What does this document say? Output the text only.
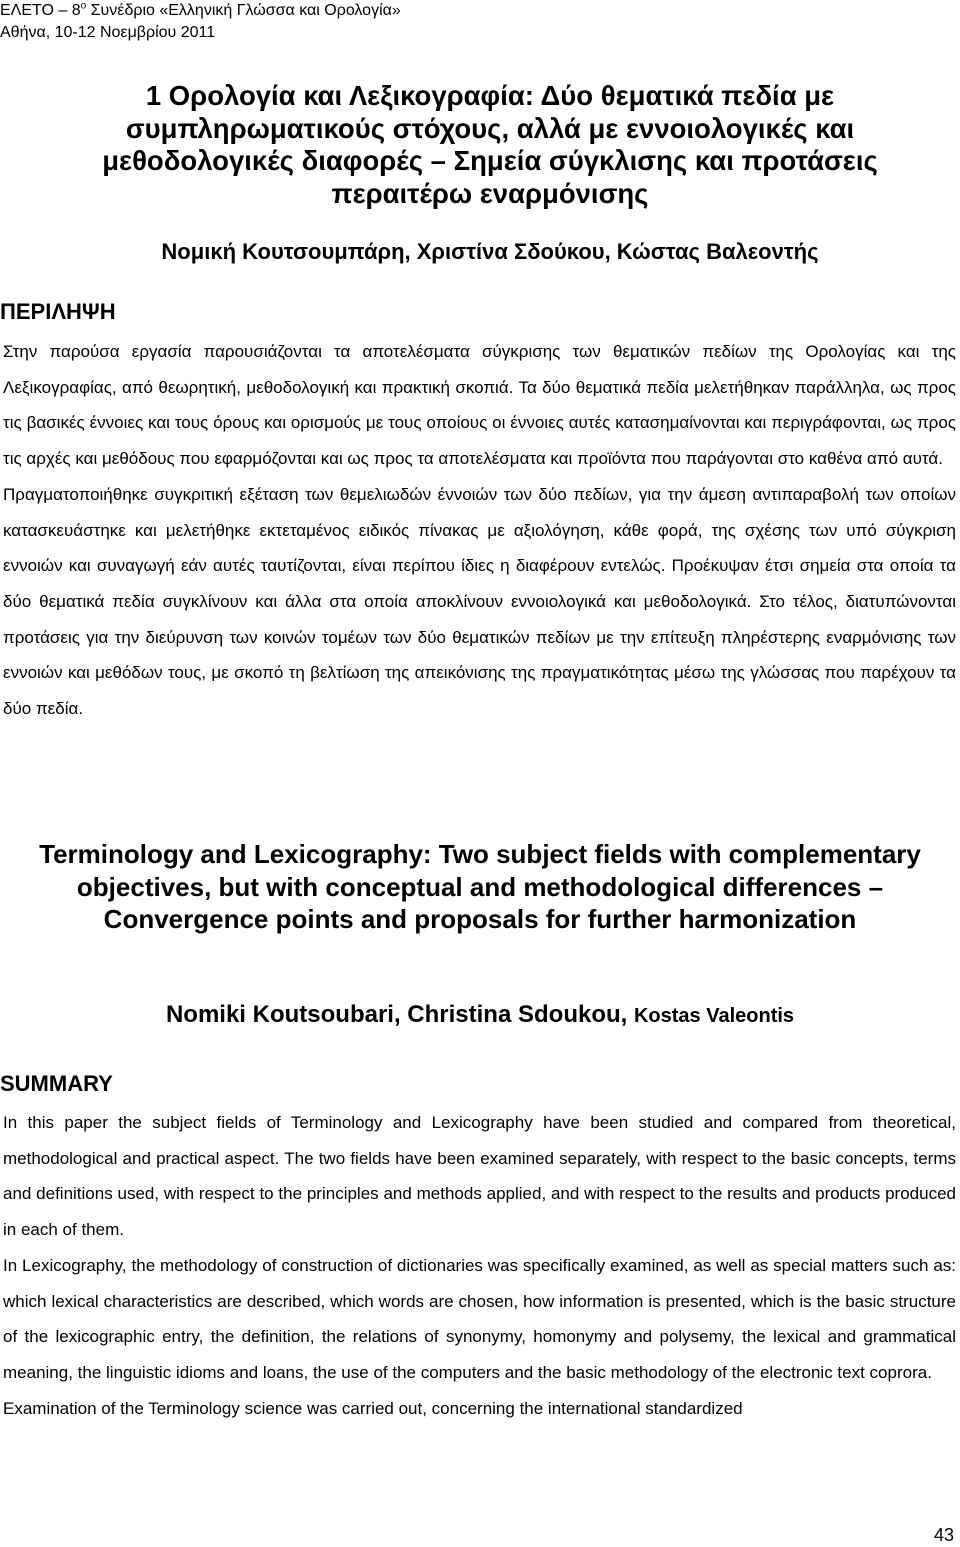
ΕΛΕΤΟ – $8^o$ Συνέδριο «Ελληνική Γλώσσα και Ορολογία»
Αθήνα, 10-12 Νοεμβρίου 2011
1 Ορολογία και Λεξικογραφία: Δύο θεματικά πεδία με συμπληρωματικούς στόχους, αλλά με εννοιολογικές και μεθοδολογικές διαφορές – Σημεία σύγκλισης και προτάσεις περαιτέρω εναρμόνισης
Νομική Κουτσουμπάρη, Χριστίνα Σδούκου, Κώστας Βαλεοντής
ΠΕΡΙΛΗΨΗ

Στην παρούσα εργασία παρουσιάζονται τα αποτελέσματα σύγκρισης των θεματικών πεδίων της Ορολογίας και της Λεξικογραφίας, από θεωρητική, μεθοδολογική και πρακτική σκοπιά. Τα δύο θεματικά πεδία μελετήθηκαν παράλληλα, ως προς τις βασικές έννοιες και τους όρους και ορισμούς με τους οποίους οι έννοιες αυτές κατασημαίνονται και περιγράφονται, ως προς τις αρχές και μεθόδους που εφαρμόζονται και ως προς τα αποτελέσματα και προϊόντα που παράγονται στο καθένα από αυτά.

Πραγματοποιήθηκε συγκριτική εξέταση των θεμελιωδών έννοιών των δύο πεδίων, για την άμεση αντιπαραβολή των οποίων κατασκευάστηκε και μελετήθηκε εκτεταμένος ειδικός πίνακας με αξιολόγηση, κάθε φορά, της σχέσης των υπό σύγκριση εννοιών και συναγωγή εάν αυτές ταυτίζονται, είναι περίπου ίδιες η διαφέρουν εντελώς. Προέκυψαν έτσι σημεία στα οποία τα δύο θεματικά πεδία συγκλίνουν και άλλα στα οποία αποκλίνουν εννοιολογικά και μεθοδολογικά. Στο τέλος, διατυπώνονται προτάσεις για την διεύρυνση των κοινών τομέων των δύο θεματικών πεδίων με την επίτευξη πληρέστερης εναρμόνισης των εννοιών και μεθόδων τους, με σκοπό τη βελτίωση της απεικόνισης της πραγματικότητας μέσω της γλώσσας που παρέχουν τα δύο πεδία.

Terminology and Lexicography: Two subject fields with complementary objectives, but with conceptual and methodological differences – Convergence points and proposals for further harmonization
Nomiki Koutsoubari, Christina Sdoukou, Kostas Valeontis
SUMMARY

In this paper the subject fields of Terminology and Lexicography have been studied and compared from theoretical, methodological and practical aspect. The two fields have been examined separately, with respect to the basic concepts, terms and definitions used, with respect to the principles and methods applied, and with respect to the results and products produced in each of them.

In Lexicography, the methodology of construction of dictionaries was specifically examined, as well as special matters such as: which lexical characteristics are described, which words are chosen, how information is presented, which is the basic structure of the lexicographic entry, the definition, the relations of synonymy, homonymy and polysemy, the lexical and grammatical meaning, the linguistic idioms and loans, the use of the computers and the basic methodology of the electronic text coprora.

Examination of the Terminology science was carried out, concerning the international standardized

43
